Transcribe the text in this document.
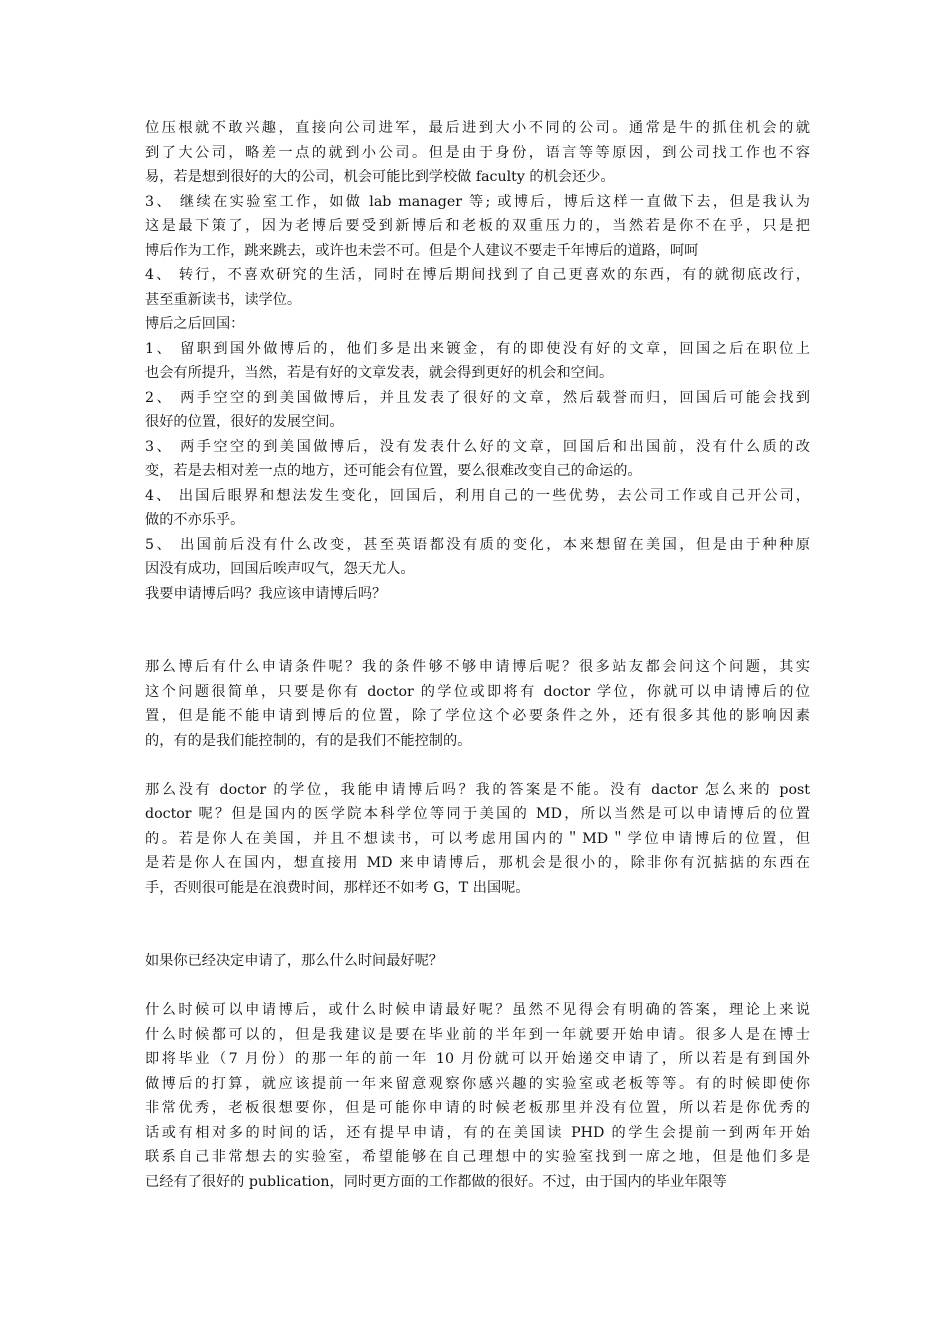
位压根就不敢兴趣，直接向公司进军，最后进到大小不同的公司。通常是牛的抓住机会的就
到了大公司，略差一点的就到小公司。但是由于身份，语言等等原因，到公司找工作也不容
易，若是想到很好的大的公司，机会可能比到学校做 faculty 的机会还少。
3、 继续在实验室工作，如做 lab manager 等; 或博后，博后这样一直做下去，但是我认为
这是最下策了，因为老博后要受到新博后和老板的双重压力的，当然若是你不在乎，只是把
博后作为工作，跳来跳去，或许也未尝不可。但是个人建议不要走千年博后的道路，呵呵
4、 转行，不喜欢研究的生活，同时在博后期间找到了自己更喜欢的东西，有的就彻底改行，
甚至重新读书，读学位。
博后之后回国：
1、 留职到国外做博后的，他们多是出来镀金，有的即使没有好的文章，回国之后在职位上
也会有所提升，当然，若是有好的文章发表，就会得到更好的机会和空间。
2、 两手空空的到美国做博后，并且发表了很好的文章，然后载誉而归，回国后可能会找到
很好的位置，很好的发展空间。
3、 两手空空的到美国做博后，没有发表什么好的文章，回国后和出国前，没有什么质的改
变，若是去相对差一点的地方，还可能会有位置，要么很难改变自己的命运的。
4、 出国后眼界和想法发生变化，回国后，利用自己的一些优势，去公司工作或自己开公司，
做的不亦乐乎。
5、 出国前后没有什么改变，甚至英语都没有质的变化，本来想留在美国，但是由于种种原
因没有成功，回国后唉声叹气，怨天尤人。
我要申请博后吗？我应该申请博后吗？
那么博后有什么申请条件呢？我的条件够不够申请博后呢？很多站友都会问这个问题，其实
这个问题很简单，只要是你有 doctor 的学位或即将有 doctor 学位，你就可以申请博后的位
置，但是能不能申请到博后的位置，除了学位这个必要条件之外，还有很多其他的影响因素
的，有的是我们能控制的，有的是我们不能控制的。
那么没有 doctor 的学位，我能申请博后吗？我的答案是不能。没有 dactor 怎么来的 post
doctor 呢？但是国内的医学院本科学位等同于美国的 MD，所以当然是可以申请博后的位置
的。若是你人在美国，并且不想读书，可以考虑用国内的＂MD＂学位申请博后的位置，但
是若是你人在国内，想直接用 MD 来申请博后，那机会是很小的，除非你有沉掂掂的东西在
手，否则很可能是在浪费时间，那样还不如考 G，T 出国呢。
如果你已经决定申请了，那么什么时间最好呢？
什么时候可以申请博后，或什么时候申请最好呢？虽然不见得会有明确的答案，理论上来说
什么时候都可以的，但是我建议是要在毕业前的半年到一年就要开始申请。很多人是在博士
即将毕业（7 月份）的那一年的前一年 10 月份就可以开始递交申请了，所以若是有到国外
做博后的打算，就应该提前一年来留意观察你感兴趣的实验室或老板等等。有的时候即使你
非常优秀，老板很想要你，但是可能你申请的时候老板那里并没有位置，所以若是你优秀的
话或有相对多的时间的话，还有提早申请，有的在美国读 PHD 的学生会提前一到两年开始
联系自己非常想去的实验室，希望能够在自己理想中的实验室找到一席之地，但是他们多是
已经有了很好的 publication，同时更方面的工作都做的很好。不过，由于国内的毕业年限等
